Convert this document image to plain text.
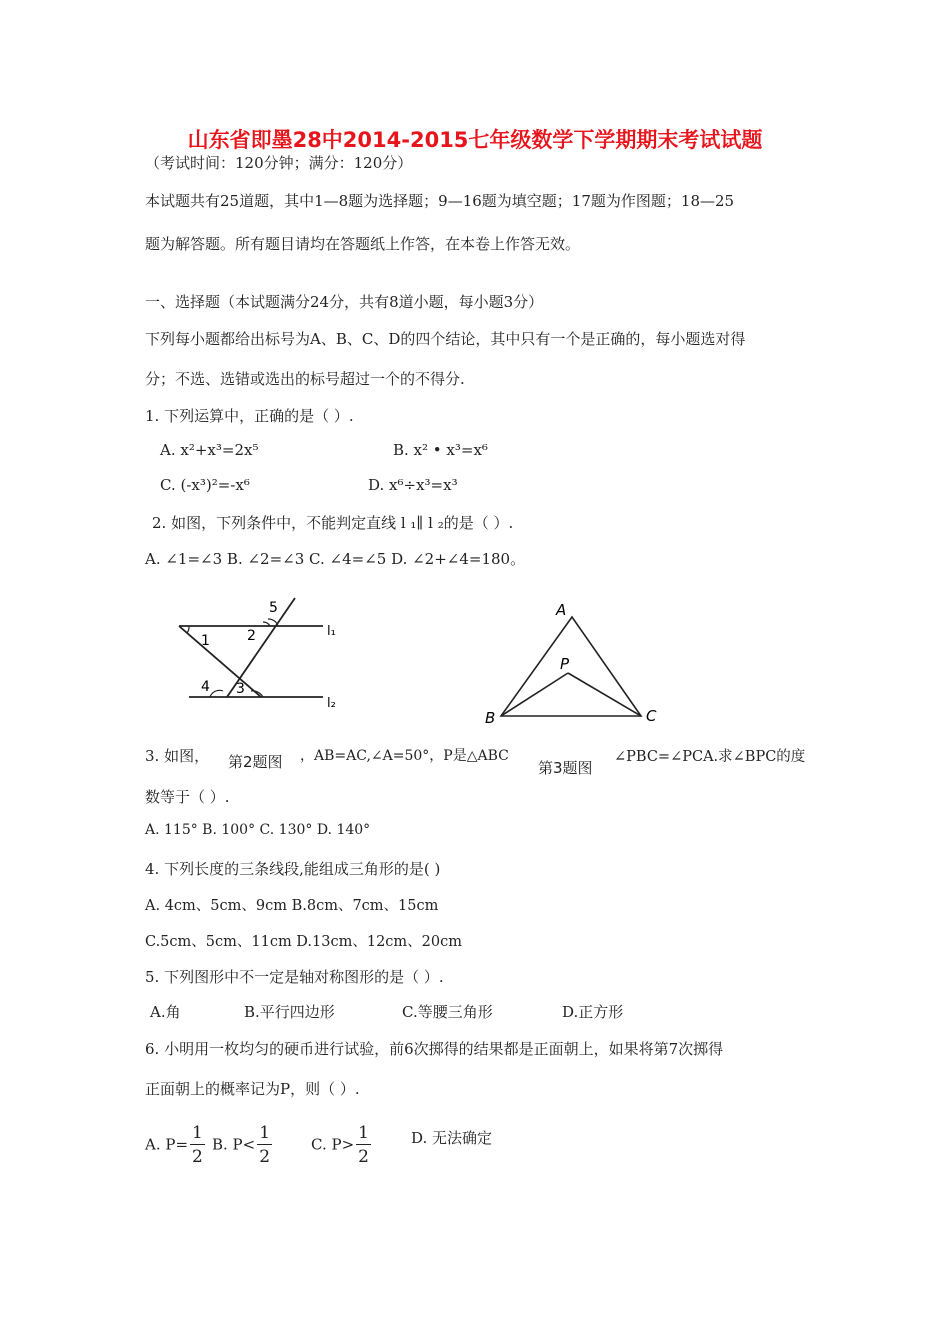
山东省即墨28中2014-2015七年级数学下学期期末考试试题
（考试时间：120分钟；满分：120分）
本试题共有25道题，其中1—8题为选择题；9—16题为填空题；17题为作图题；18—25
题为解答题。所有题目请均在答题纸上作答，在本卷上作答无效。
一、选择题（本试题满分24分，共有8道小题，每小题3分）
下列每小题都给出标号为A、B、C、D的四个结论，其中只有一个是正确的，每小题选对得
分；不选、选错或选出的标号超过一个的不得分.
1. 下列运算中，正确的是（ ）.
A. x²+x³=2x⁵	B. x² • x³=x⁶
C. (-x³)²=-x⁶	D. x⁶÷x³=x³
2. 如图，下列条件中，不能判定直线 l ₁∥ l ₂的是（ ）.
A. ∠1=∠3 B. ∠2=∠3 C. ∠4=∠5 D. ∠2+∠4=180。
5
1	2
4 3
l₁
l₂
A
P
B	C
3. 如图， 第2题图 ，AB=AC,∠A=50°，P是△ABC
第3题图
∠PBC=∠PCA.求∠BPC的度
数等于（ ）.
A. 115° B. 100° C. 130° D. 140°
4. 下列长度的三条线段,能组成三角形的是( )
A. 4cm、5cm、9cm B.8cm、7cm、15cm
C.5cm、5cm、11cm D.13cm、12cm、20cm
5. 下列图形中不一定是轴对称图形的是（ ）.
A.角	B.平行四边形	C.等腰三角形	D.正方形
6. 小明用一枚均匀的硬币进行试验，前6次掷得的结果都是正面朝上，如果将第7次掷得
正面朝上的概率记为P，则（ ）.
A. $P= \frac{1}{2} B$. $P< \frac{1}{2}$	C. $P> \frac{1}{2}$	D. 无法确定
